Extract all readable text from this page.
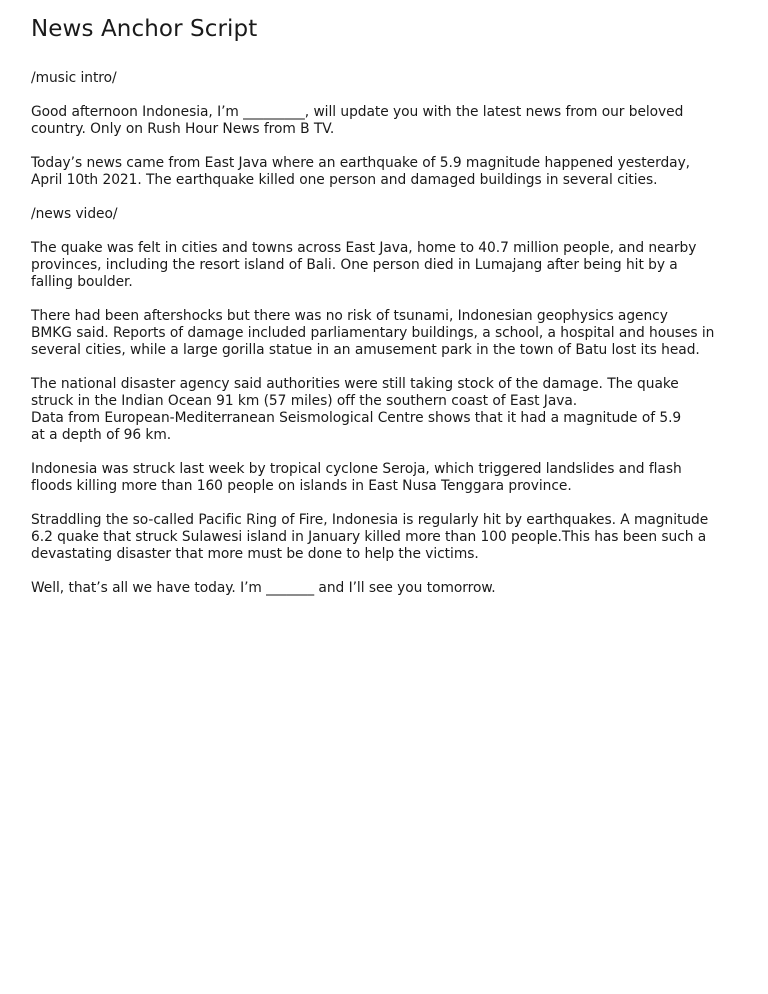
News Anchor Script

/music intro/

Good afternoon Indonesia, I’m _________, will update you with the latest news from our beloved
country. Only on Rush Hour News from B TV.

Today’s news came from East Java where an earthquake of 5.9 magnitude happened yesterday,
April 10th 2021. The earthquake killed one person and damaged buildings in several cities.

/news video/

The quake was felt in cities and towns across East Java, home to 40.7 million people, and nearby
provinces, including the resort island of Bali. One person died in Lumajang after being hit by a
falling boulder.

There had been aftershocks but there was no risk of tsunami, Indonesian geophysics agency
BMKG said. Reports of damage included parliamentary buildings, a school, a hospital and houses in
several cities, while a large gorilla statue in an amusement park in the town of Batu lost its head.

The national disaster agency said authorities were still taking stock of the damage. The quake
struck in the Indian Ocean 91 km (57 miles) off the southern coast of East Java.
Data from European-Mediterranean Seismological Centre shows that it had a magnitude of 5.9
at a depth of 96 km.

Indonesia was struck last week by tropical cyclone Seroja, which triggered landslides and flash
floods killing more than 160 people on islands in East Nusa Tenggara province.

Straddling the so-called Pacific Ring of Fire, Indonesia is regularly hit by earthquakes. A magnitude
6.2 quake that struck Sulawesi island in January killed more than 100 people.This has been such a
devastating disaster that more must be done to help the victims.

Well, that’s all we have today. I’m _______ and I’ll see you tomorrow.
